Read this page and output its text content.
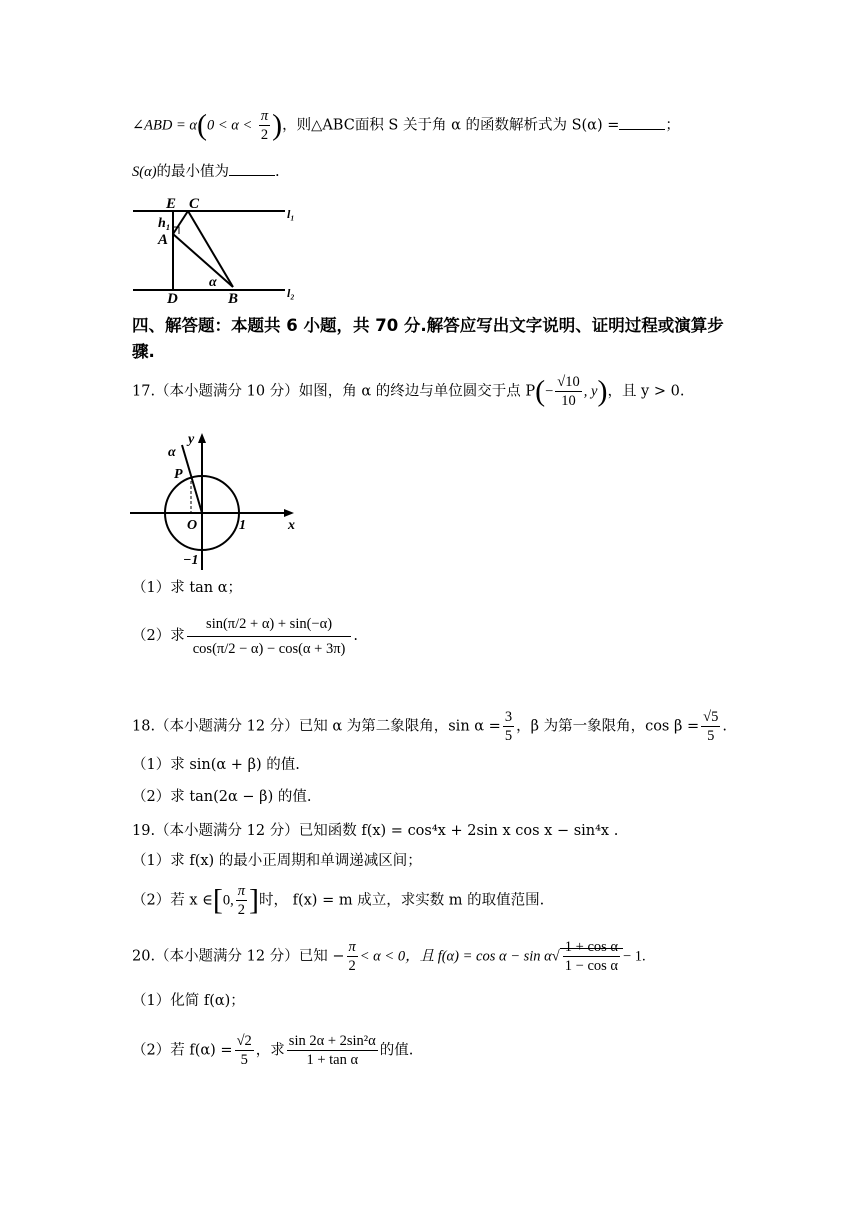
∠ABD = $\alpha(0 < \alpha < \frac{\pi}{2}$ )，则△ABC面积 S 关于角 α 的函数解析式为 S(α) =	；
S(α)的最小值为	.
E C
h₁
A
l₁
α
D	B	l₂
四、解答题：本题共 6 小题，共 70 分.解答应写出文字说明、证明过程或演算步骤.
17.（本小题满分 10 分）如图，角 α 的终边与单位圆交于点 $P(- \frac{√10}{10}$ , y)，且 y > 0.
α
y
P
O	1	x
−1
（1）求 tan α；
（2）求 $\frac{\sin(\pi/2 + \alpha) + \sin(-\alpha)}{\cos(\pi/2 - \alpha) - \cos(\alpha + 3\pi)}$ .
18.（本小题满分 12 分）已知 α 为第二象限角，$\sin \alpha = \frac{3}{5}$ ，β 为第一象限角，$\cos \beta = \frac{√5}{5}$ .
（1）求 sin(α + β) 的值.
（2）求 tan(2α − β) 的值.
19.（本小题满分 12 分）已知函数 f(x) = cos⁴x + 2sin x cos x − sin⁴x .
（1）求 f(x) 的最小正周期和单调递减区间；
（2）若 x ∈[0, $\frac{\pi}{2}$ ]时， f(x) = m 成立，求实数 m 的取值范围.
20.（本小题满分 12 分）已知 − $\frac{\pi}{2} < \alpha < 0$，且 $f(\alpha) = \cos \alpha - \sin \alpha√ \frac{\text{1 + cos α}}{\text{1 − cos α}} - 1$.
（1）化简 f(α)；
（2）若 $f(\alpha) = \frac{√2}{5}$ ，求 $\frac{\text{sin 2α + 2sin²α}}{\text{1 + tan α}}$ 的值.
